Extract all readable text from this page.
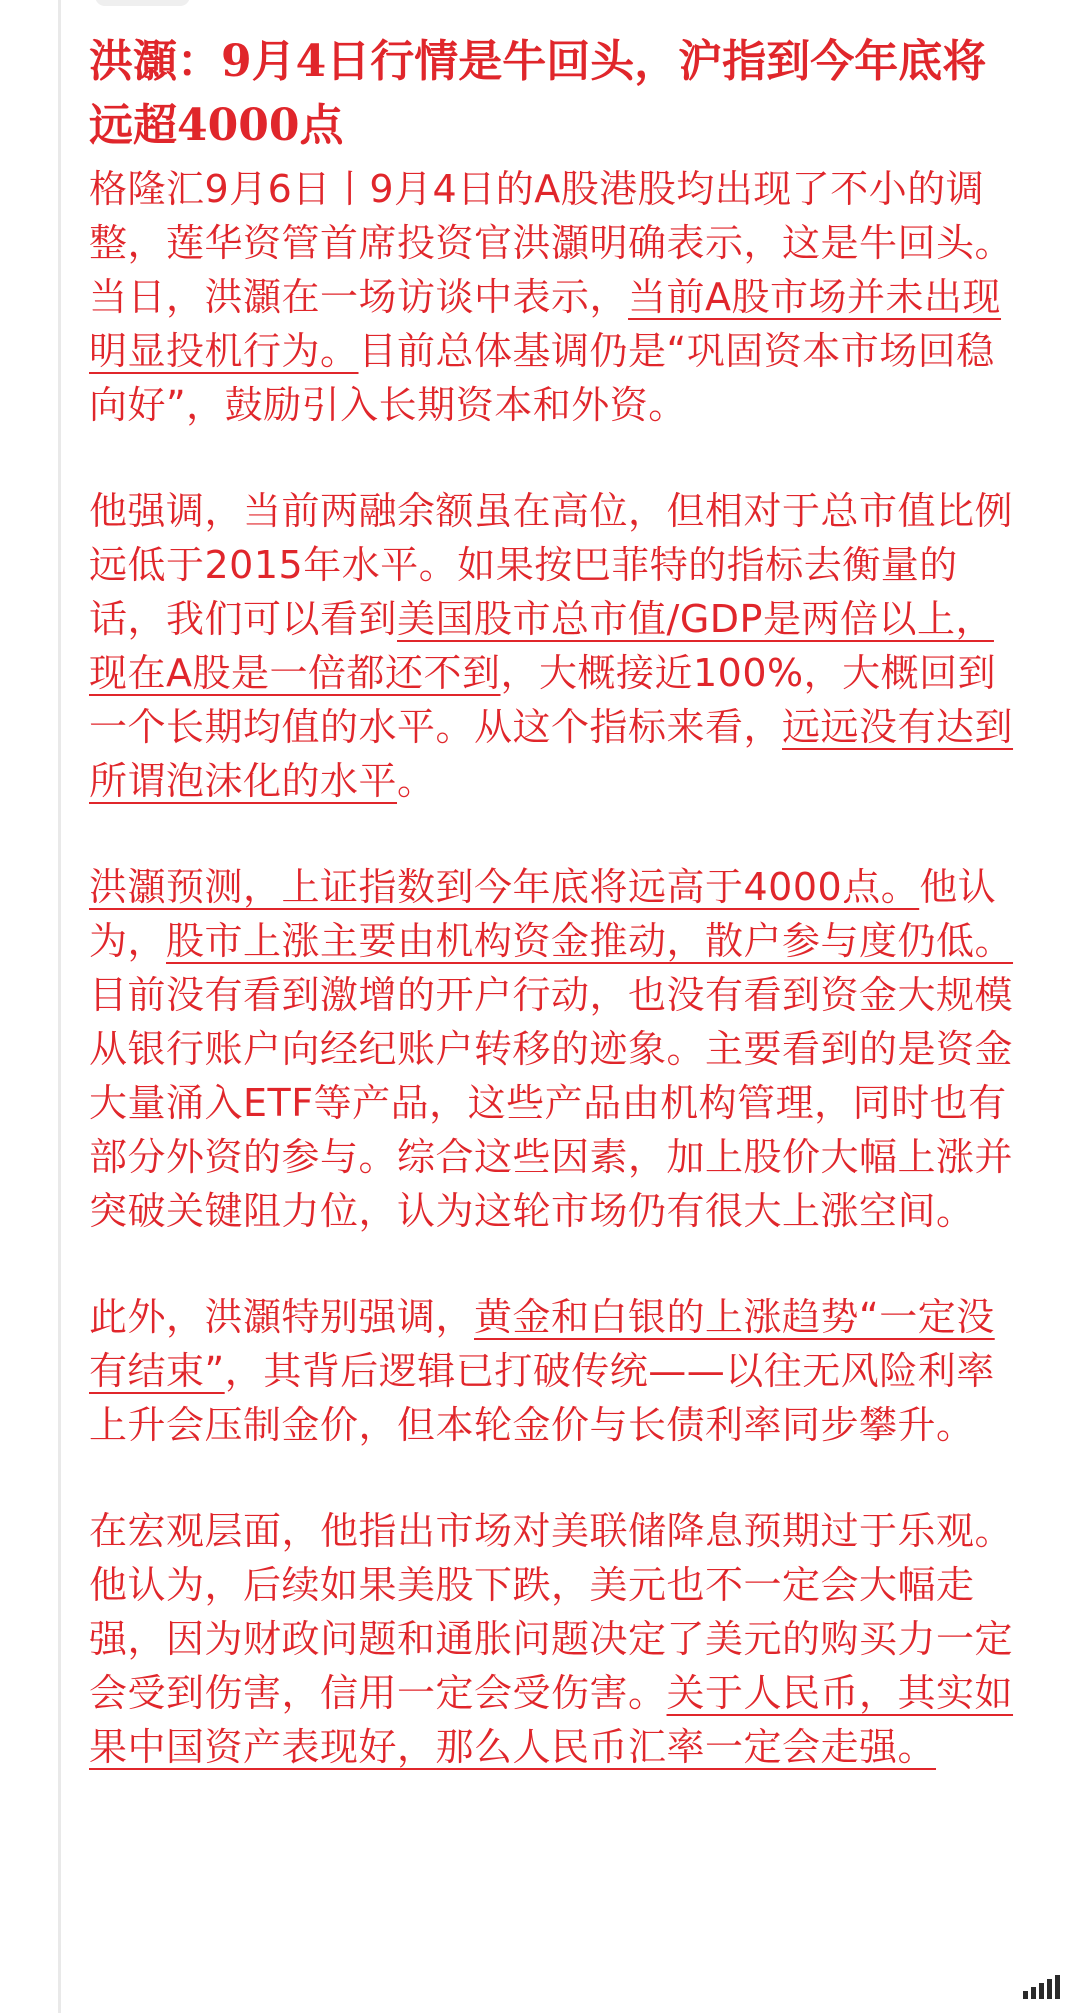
洪灝：9月4日行情是牛回头，沪指到今年底将远超4000点

格隆汇9月6日丨9月4日的A股港股均出现了不小的调整，莲华资管首席投资官洪灝明确表示，这是牛回头。当日，洪灝在一场访谈中表示，当前A股市场并未出现明显投机行为。目前总体基调仍是“巩固资本市场回稳向好”，鼓励引入长期资本和外资。

他强调，当前两融余额虽在高位，但相对于总市值比例远低于2015年水平。如果按巴菲特的指标去衡量的话，我们可以看到美国股市总市值/GDP是两倍以上，现在A股是一倍都还不到，大概接近100%，大概回到一个长期均值的水平。从这个指标来看，远远没有达到所谓泡沫化的水平。

洪灝预测，上证指数到今年底将远高于4000点。他认为，股市上涨主要由机构资金推动，散户参与度仍低。目前没有看到激增的开户行动，也没有看到资金大规模从银行账户向经纪账户转移的迹象。主要看到的是资金大量涌入ETF等产品，这些产品由机构管理，同时也有部分外资的参与。综合这些因素，加上股价大幅上涨并突破关键阻力位，认为这轮市场仍有很大上涨空间。

此外，洪灝特别强调，黄金和白银的上涨趋势“一定没有结束”，其背后逻辑已打破传统——以往无风险利率上升会压制金价，但本轮金价与长债利率同步攀升。

在宏观层面，他指出市场对美联储降息预期过于乐观。他认为，后续如果美股下跌，美元也不一定会大幅走强，因为财政问题和通胀问题决定了美元的购买力一定会受到伤害，信用一定会受伤害。关于人民币，其实如果中国资产表现好，那么人民币汇率一定会走强。
